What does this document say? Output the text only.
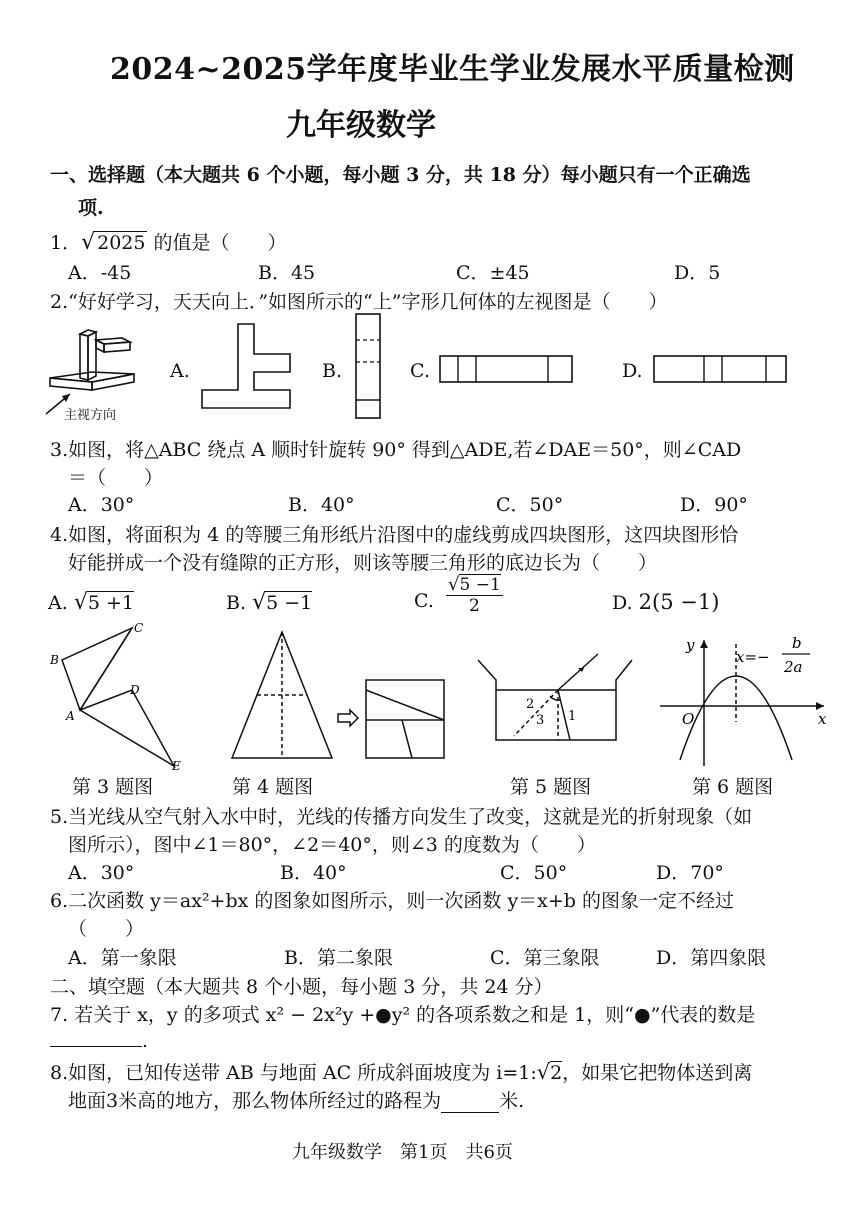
2024~2025学年度毕业生学业发展水平质量检测
九年级数学
一、选择题（本大题共 6 个小题，每小题 3 分，共 18 分）每小题只有一个正确选
项.
1．√ 2025 的值是（　　）
A．-45	B．45	C．±45	D．5
2.“好好学习，天天向上．”如图所示的“上”字形几何体的左视图是（　　）
主视方向
A.	B.	C.	D.
3.如图，将△ABC 绕点 A 顺时针旋转 90° 得到△ADE,若∠DAE＝50°，则∠CAD
＝（　　）
A．30°	B．40°	C．50°	D．90°
4.如图，将面积为 4 的等腰三角形纸片沿图中的虚线剪成四块图形，这四块图形恰
好能拼成一个没有缝隙的正方形，则该等腰三角形的底边长为（　　）
A. √5 +1	B. √5 −1	C.
√5 −1
2	D. 2(5 −1)
C
B
D
A
E
2
3 1
y
x
O
x=−
b
2a
第 3 题图	第 4 题图	第 5 题图	第 6 题图
5.当光线从空气射入水中时，光线的传播方向发生了改变，这就是光的折射现象（如
图所示），图中∠1＝80°，∠2＝40°，则∠3 的度数为（　　）
A．30°	B．40°	C．50°	D．70°
6.二次函数 y＝ax²+bx 的图象如图所示，则一次函数 y＝x+b 的图象一定不经过
（　　）
A．第一象限	B．第二象限	C．第三象限	D．第四象限
二、填空题（本大题共 8 个小题，每小题 3 分，共 24 分）
7. 若关于 x，y 的多项式 x² − 2x²y +●y² 的各项系数之和是 1，则“●”代表的数是
.
8.如图，已知传送带 AB 与地面 AC 所成斜面坡度为 i=1:√2，如果它把物体送到离
地面3米高的地方，那么物体所经过的路程为	米.
九年级数学　第1页　共6页
